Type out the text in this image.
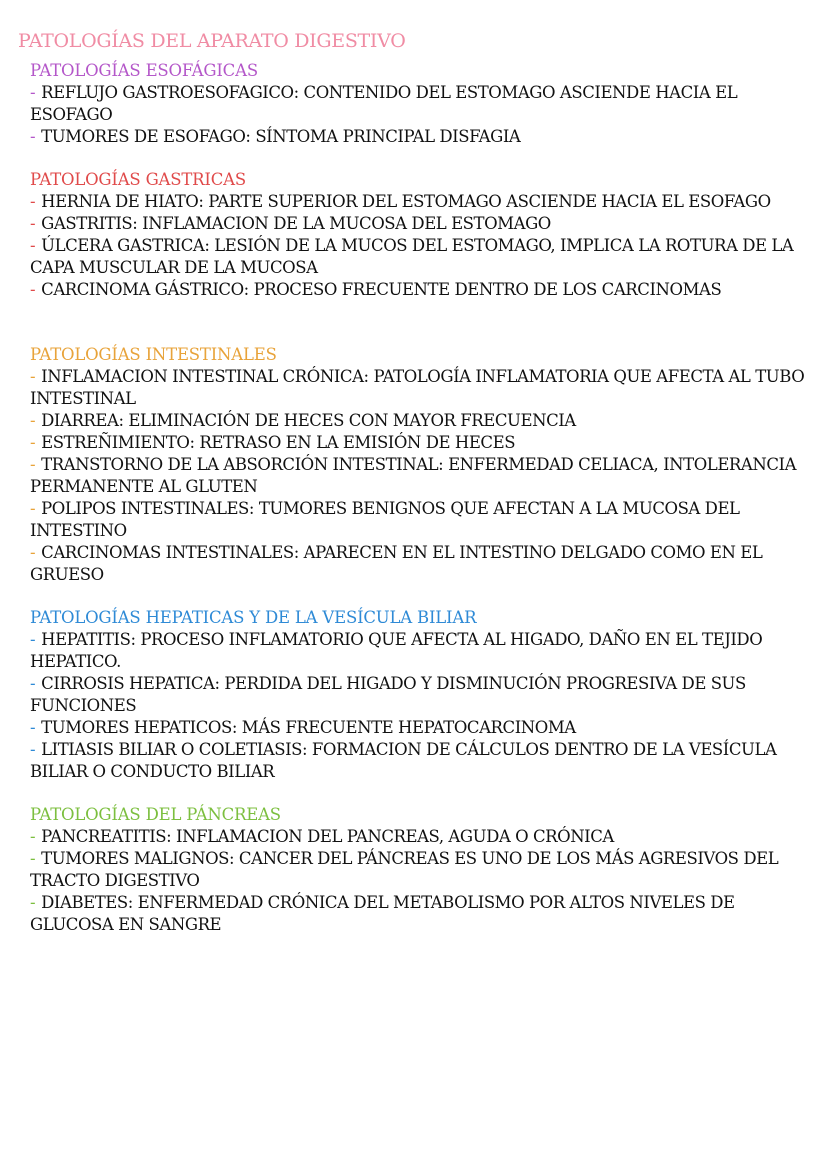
PATOLOGÍAS DEL APARATO DIGESTIVO
PATOLOGÍAS ESOFÁGICAS

- REFLUJO GASTROESOFAGICO: CONTENIDO DEL ESTOMAGO ASCIENDE HACIA EL ESOFAGO

- TUMORES DE ESOFAGO: SÍNTOMA PRINCIPAL DISFAGIA

PATOLOGÍAS GASTRICAS

- HERNIA DE HIATO: PARTE SUPERIOR DEL ESTOMAGO ASCIENDE HACIA EL ESOFAGO

- GASTRITIS: INFLAMACION DE LA MUCOSA DEL ESTOMAGO

- ÚLCERA GASTRICA: LESIÓN DE LA MUCOS DEL ESTOMAGO, IMPLICA LA ROTURA DE LA CAPA MUSCULAR DE LA MUCOSA

- CARCINOMA GÁSTRICO: PROCESO FRECUENTE DENTRO DE LOS CARCINOMAS

PATOLOGÍAS INTESTINALES

- INFLAMACION INTESTINAL CRÓNICA: PATOLOGÍA INFLAMATORIA QUE AFECTA AL TUBO INTESTINAL

- DIARREA: ELIMINACIÓN DE HECES CON MAYOR FRECUENCIA

- ESTREÑIMIENTO: RETRASO EN LA EMISIÓN DE HECES

- TRANSTORNO DE LA ABSORCIÓN INTESTINAL: ENFERMEDAD CELIACA, INTOLERANCIA PERMANENTE AL GLUTEN

- POLIPOS INTESTINALES: TUMORES BENIGNOS QUE AFECTAN A LA MUCOSA DEL INTESTINO

- CARCINOMAS INTESTINALES: APARECEN EN EL INTESTINO DELGADO COMO EN EL GRUESO

PATOLOGÍAS HEPATICAS Y DE LA VESÍCULA BILIAR

- HEPATITIS: PROCESO INFLAMATORIO QUE AFECTA AL HIGADO, DAÑO EN EL TEJIDO HEPATICO.

- CIRROSIS HEPATICA: PERDIDA DEL HIGADO Y DISMINUCIÓN PROGRESIVA DE SUS FUNCIONES

- TUMORES HEPATICOS: MÁS FRECUENTE HEPATOCARCINOMA

- LITIASIS BILIAR O COLETIASIS: FORMACION DE CÁLCULOS DENTRO DE LA VESÍCULA BILIAR O CONDUCTO BILIAR

PATOLOGÍAS DEL PÁNCREAS

- PANCREATITIS: INFLAMACION DEL PANCREAS, AGUDA O CRÓNICA

- TUMORES MALIGNOS: CANCER DEL PÁNCREAS ES UNO DE LOS MÁS AGRESIVOS DEL TRACTO DIGESTIVO

- DIABETES: ENFERMEDAD CRÓNICA DEL METABOLISMO POR ALTOS NIVELES DE GLUCOSA EN SANGRE
